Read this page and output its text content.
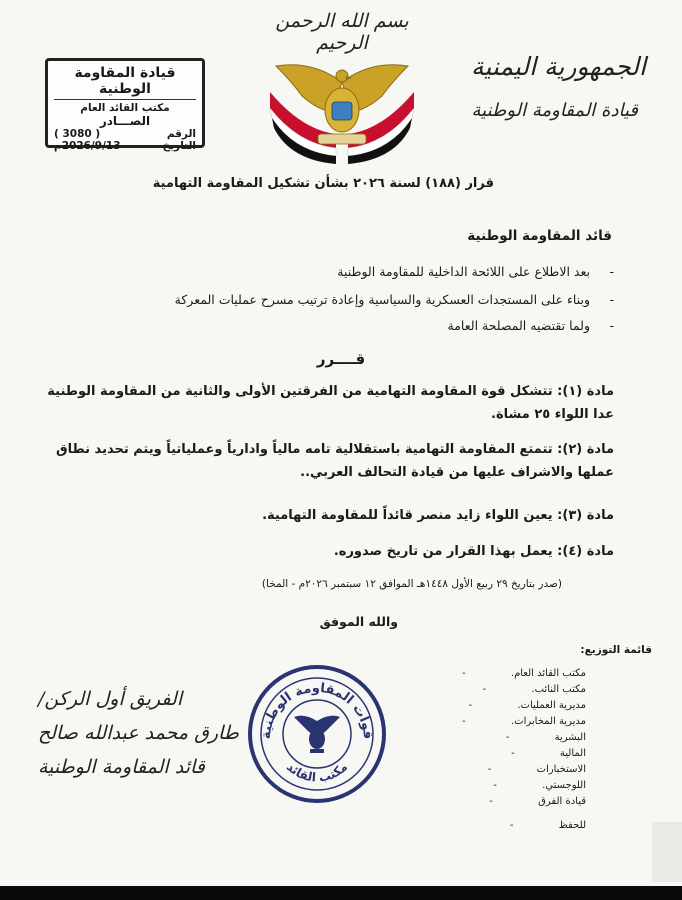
بسم الله الرحمن الرحيم
الجمهورية اليمنية
قيادة المقاومة الوطنية
قيادة المقاومة الوطنية
مكتب القائد العام
الصـــادر
الرقم
( 3080 )
التاريخ
2026/9/13م
قرار (١٨٨) لسنة ٢٠٢٦ بشأن تشكيل المقاومة التهامية
قائد المقاومة الوطنية
-بعد الاطلاع على اللائحة الداخلية للمقاومة الوطنية
-وبناء على المستجدات العسكرية والسياسية وإعادة ترتيب مسرح عمليات المعركة
-ولما تقتضيه المصلحة العامة
قــــرر
مادة (١): تتشكل قوة المقاومة التهامية من الفرقتين الأولى والثانية من المقاومة الوطنية عدا اللواء ٢٥ مشاة.
مادة (٢): تتمتع المقاومة التهامية باستقلالية تامه مالياً وادارياً وعملياتياً ويتم تحديد نطاق عملها والاشراف عليها من قيادة التحالف العربي..
مادة (٣): يعين اللواء زايد منصر قائداً للمقاومة التهامية.
مادة (٤): يعمل بهذا القرار من تاريخ صدوره.
(صدر بتاريخ ٢٩ ربيع الأول ١٤٤٨هـ الموافق ١٢ سبتمبر ٢٠٢٦م - المخا)
والله الموفق
قائمة التوزيع:
مكتب القائد العام.
-
مكتب النائب.
-
مديرية العمليات.
-
مديرية المخابرات.
-
البشرية
-
المالية
-
الاستخبارات
-
اللوجستي.
-
قيادة الفرق
-
للحفظ
-
قوات المقاومة الوطنية
مكتب القائد
الفريق أول الركن/
طارق محمد عبدالله صالح
قائد المقاومة الوطنية
